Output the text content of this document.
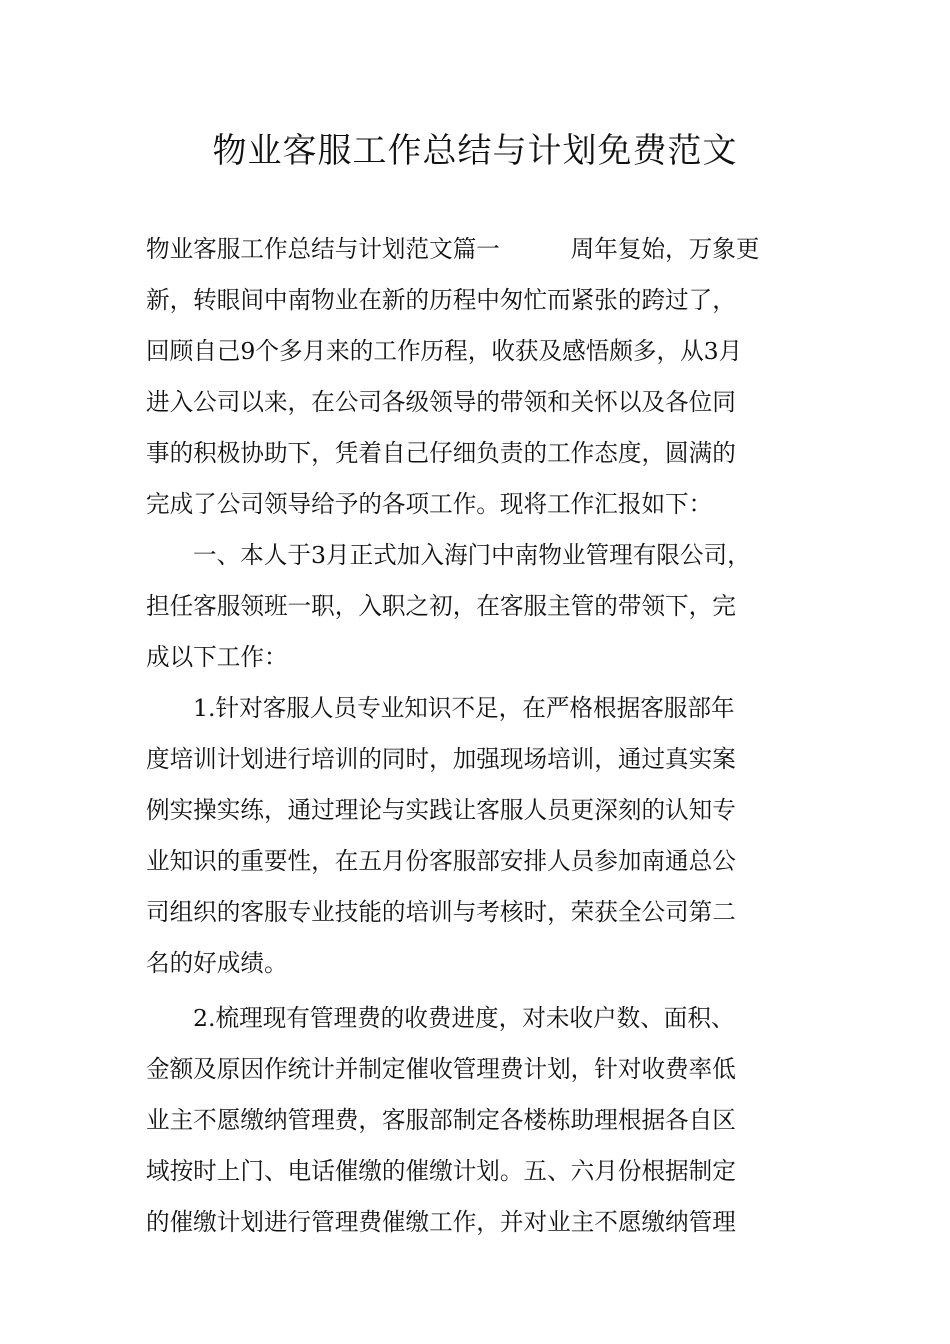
物业客服工作总结与计划免费范文
物业客服工作总结与计划范文篇一　　　周年复始，万象更
新，转眼间中南物业在新的历程中匆忙而紧张的跨过了，
回顾自己9个多月来的工作历程，收获及感悟颇多，从3月
进入公司以来，在公司各级领导的带领和关怀以及各位同
事的积极协助下，凭着自己仔细负责的工作态度，圆满的
完成了公司领导给予的各项工作。现将工作汇报如下：
一、本人于3月正式加入海门中南物业管理有限公司，
担任客服领班一职，入职之初，在客服主管的带领下，完
成以下工作：
1.针对客服人员专业知识不足，在严格根据客服部年
度培训计划进行培训的同时，加强现场培训，通过真实案
例实操实练，通过理论与实践让客服人员更深刻的认知专
业知识的重要性，在五月份客服部安排人员参加南通总公
司组织的客服专业技能的培训与考核时，荣获全公司第二
名的好成绩。
2.梳理现有管理费的收费进度，对未收户数、面积、
金额及原因作统计并制定催收管理费计划，针对收费率低
业主不愿缴纳管理费，客服部制定各楼栋助理根据各自区
域按时上门、电话催缴的催缴计划。五、六月份根据制定
的催缴计划进行管理费催缴工作，并对业主不愿缴纳管理
